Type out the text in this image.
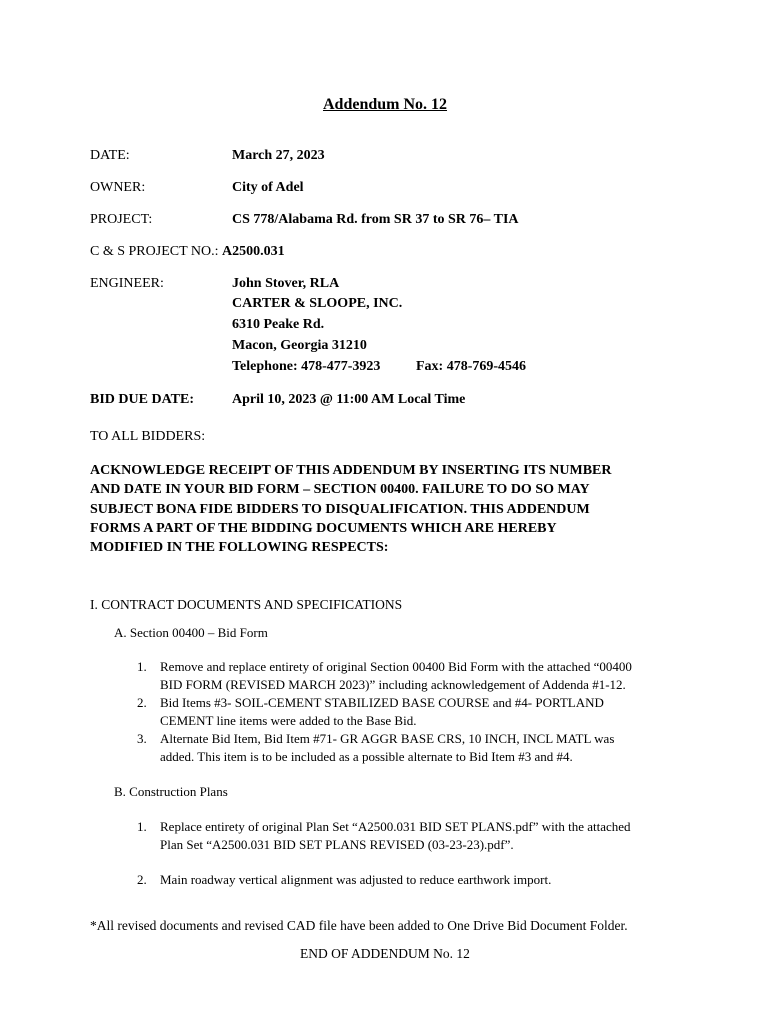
Addendum No. 12
DATE:	March 27, 2023
OWNER:	City of Adel
PROJECT:	CS 778/Alabama Rd. from SR 37 to SR 76– TIA
C & S PROJECT NO.: A2500.031
ENGINEER:	John Stover, RLA
CARTER & SLOOPE, INC.
6310 Peake Rd.
Macon, Georgia 31210
Telephone: 478-477-3923	Fax: 478-769-4546
BID DUE DATE:	April 10, 2023 @ 11:00 AM Local Time
TO ALL BIDDERS:
ACKNOWLEDGE RECEIPT OF THIS ADDENDUM BY INSERTING ITS NUMBER
AND DATE IN YOUR BID FORM – SECTION 00400. FAILURE TO DO SO MAY
SUBJECT BONA FIDE BIDDERS TO DISQUALIFICATION. THIS ADDENDUM
FORMS A PART OF THE BIDDING DOCUMENTS WHICH ARE HEREBY
MODIFIED IN THE FOLLOWING RESPECTS:
I. CONTRACT DOCUMENTS AND SPECIFICATIONS
A. Section 00400 – Bid Form
1. Remove and replace entirety of original Section 00400 Bid Form with the attached “00400
BID FORM (REVISED MARCH 2023)” including acknowledgement of Addenda #1-12.
2. Bid Items #3- SOIL-CEMENT STABILIZED BASE COURSE and #4- PORTLAND
CEMENT line items were added to the Base Bid.
3. Alternate Bid Item, Bid Item #71- GR AGGR BASE CRS, 10 INCH, INCL MATL was
added. This item is to be included as a possible alternate to Bid Item #3 and #4.
B. Construction Plans
1. Replace entirety of original Plan Set “A2500.031 BID SET PLANS.pdf” with the attached
Plan Set “A2500.031 BID SET PLANS REVISED (03-23-23).pdf”.
2. Main roadway vertical alignment was adjusted to reduce earthwork import.
*All revised documents and revised CAD file have been added to One Drive Bid Document Folder.
END OF ADDENDUM No. 12
